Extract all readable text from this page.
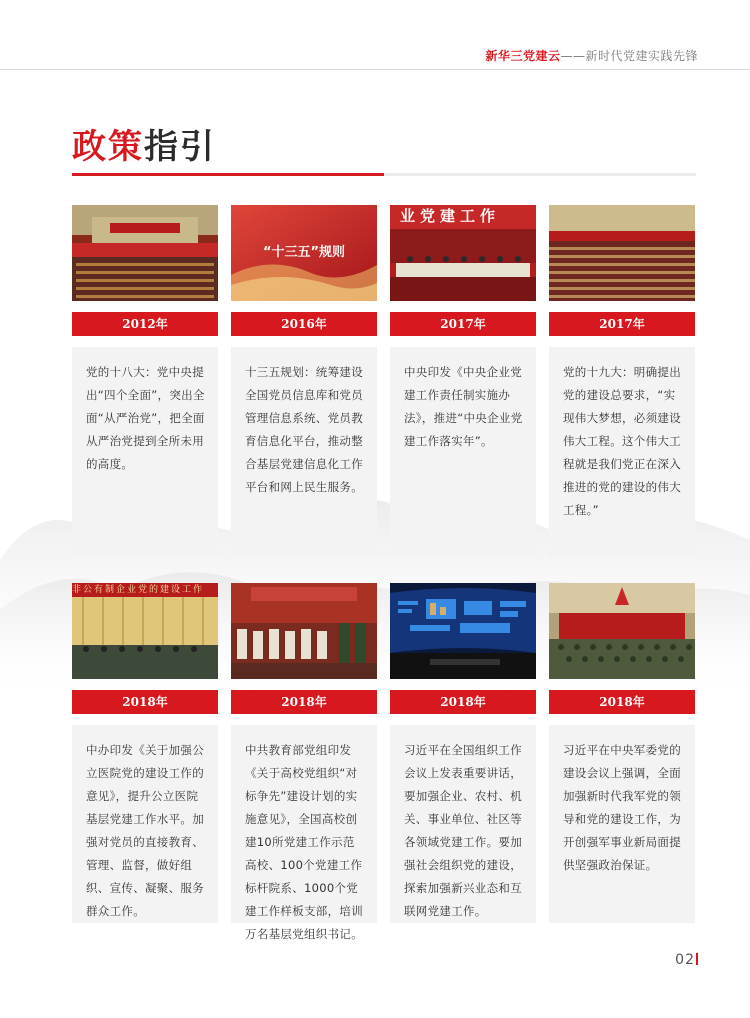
新华三党建云——新时代党建实践先锋
政策指引
2012年
党的十八大：党中央提出“四个全面”，突出全面“从严治党”，把全面从严治党提到全所未用的高度。
“十三五”规则
2016年
十三五规划：统筹建设全国党员信息库和党员管理信息系统、党员教育信息化平台，推动整合基层党建信息化工作平台和网上民生服务。
业党建工作
2017年
中央印发《中央企业党建工作责任制实施办法》，推进“中央企业党建工作落实年”。
2017年
党的十九大：明确提出党的建设总要求，“实现伟大梦想，必须建设伟大工程。这个伟大工程就是我们党正在深入推进的党的建设的伟大工程。”
非公有制企业党的建设工作
2018年
中办印发《关于加强公立医院党的建设工作的意见》，提升公立医院基层党建工作水平。加强对党员的直接教育、管理、监督，做好组织、宣传、凝聚、服务群众工作。
2018年
中共教育部党组印发《关于高校党组织“对标争先”建设计划的实施意见》，全国高校创建10所党建工作示范高校、100个党建工作标杆院系、1000个党建工作样板支部，培训万名基层党组织书记。
2018年
习近平在全国组织工作会议上发表重要讲话，要加强企业、农村、机关、事业单位、社区等各领域党建工作。要加强社会组织党的建设，探索加强新兴业态和互联网党建工作。
2018年
习近平在中央军委党的建设会议上强调，全面加强新时代我军党的领导和党的建设工作，为开创强军事业新局面提供坚强政治保证。
02
